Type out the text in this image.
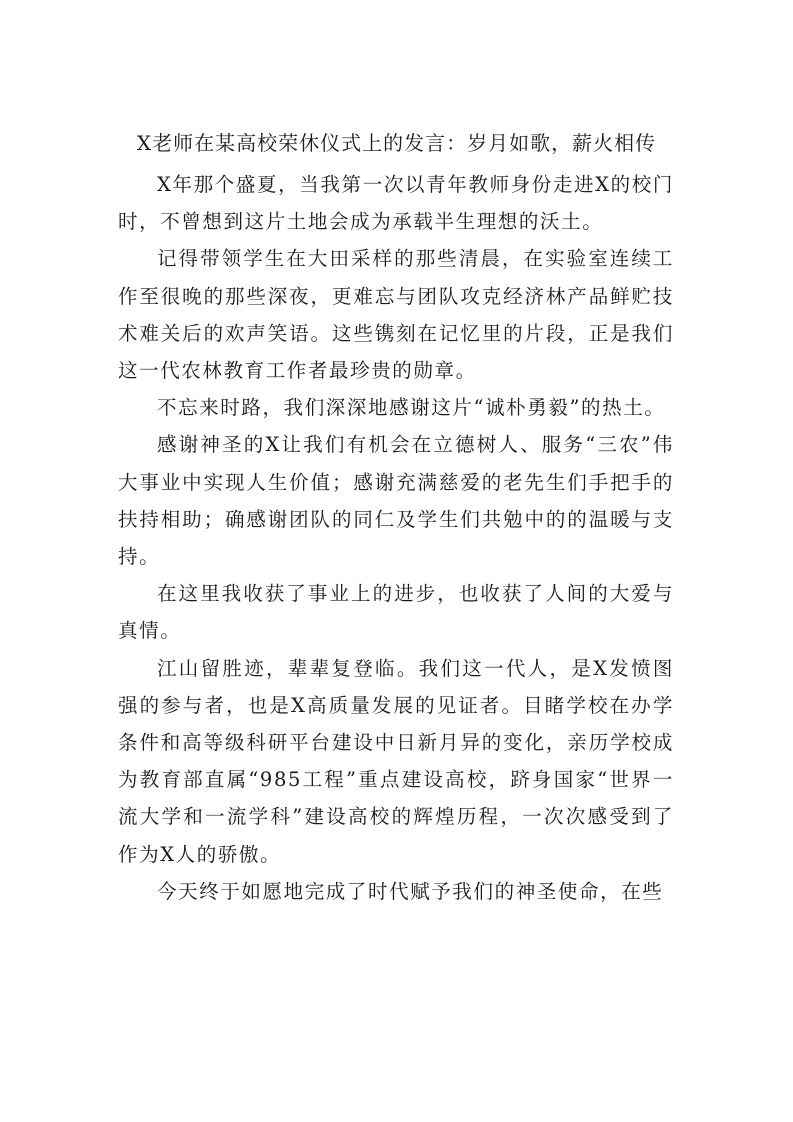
X老师在某高校荣休仪式上的发言：岁月如歌，薪火相传

X年那个盛夏，当我第一次以青年教师身份走进X的校门时，不曾想到这片土地会成为承载半生理想的沃土。

记得带领学生在大田采样的那些清晨，在实验室连续工作至很晚的那些深夜，更难忘与团队攻克经济林产品鲜贮技术难关后的欢声笑语。这些镌刻在记忆里的片段，正是我们这一代农林教育工作者最珍贵的勋章。

不忘来时路，我们深深地感谢这片“诚朴勇毅”的热土。

感谢神圣的X让我们有机会在立德树人、服务“三农”伟大事业中实现人生价值；感谢充满慈爱的老先生们手把手的扶持相助；确感谢团队的同仁及学生们共勉中的的温暖与支持。

在这里我收获了事业上的进步，也收获了人间的大爱与真情。

江山留胜迹，辈辈复登临。我们这一代人，是X发愤图强的参与者，也是X高质量发展的见证者。目睹学校在办学条件和高等级科研平台建设中日新月异的变化，亲历学校成为教育部直属“985工程”重点建设高校，跻身国家“世界一流大学和一流学科”建设高校的辉煌历程，一次次感受到了作为X人的骄傲。

今天终于如愿地完成了时代赋予我们的神圣使命，在些
